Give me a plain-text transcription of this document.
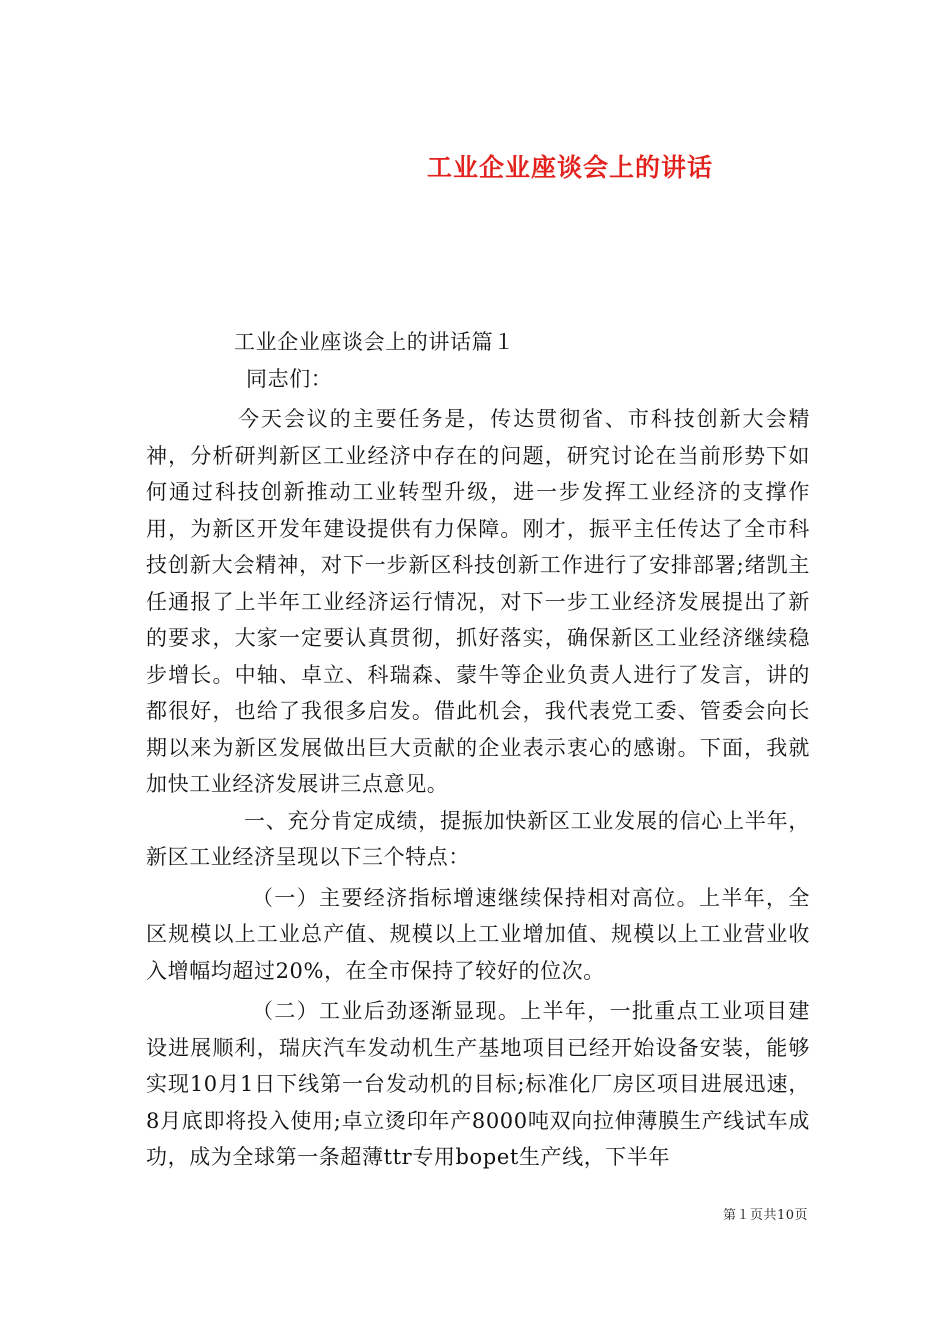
工业企业座谈会上的讲话

工业企业座谈会上的讲话篇１

同志们：

今天会议的主要任务是，传达贯彻省、市科技创新大会精神，分析研判新区工业经济中存在的问题，研究讨论在当前形势下如何通过科技创新推动工业转型升级，进一步发挥工业经济的支撑作用，为新区开发年建设提供有力保障。刚才，振平主任传达了全市科技创新大会精神，对下一步新区科技创新工作进行了安排部署;绪凯主任通报了上半年工业经济运行情况，对下一步工业经济发展提出了新的要求，大家一定要认真贯彻，抓好落实，确保新区工业经济继续稳步增长。中轴、卓立、科瑞森、蒙牛等企业负责人进行了发言，讲的都很好，也给了我很多启发。借此机会，我代表党工委、管委会向长期以来为新区发展做出巨大贡献的企业表示衷心的感谢。下面，我就加快工业经济发展讲三点意见。

一、充分肯定成绩，提振加快新区工业发展的信心上半年，新区工业经济呈现以下三个特点：

（一）主要经济指标增速继续保持相对高位。上半年，全区规模以上工业总产值、规模以上工业增加值、规模以上工业营业收入增幅均超过20%，在全市保持了较好的位次。

（二）工业后劲逐渐显现。上半年，一批重点工业项目建设进展顺利，瑞庆汽车发动机生产基地项目已经开始设备安装，能够实现10月1日下线第一台发动机的目标;标准化厂房区项目进展迅速，8月底即将投入使用;卓立烫印年产8000吨双向拉伸薄膜生产线试车成功，成为全球第一条超薄ttr专用bopet生产线，下半年

第１页共10页
